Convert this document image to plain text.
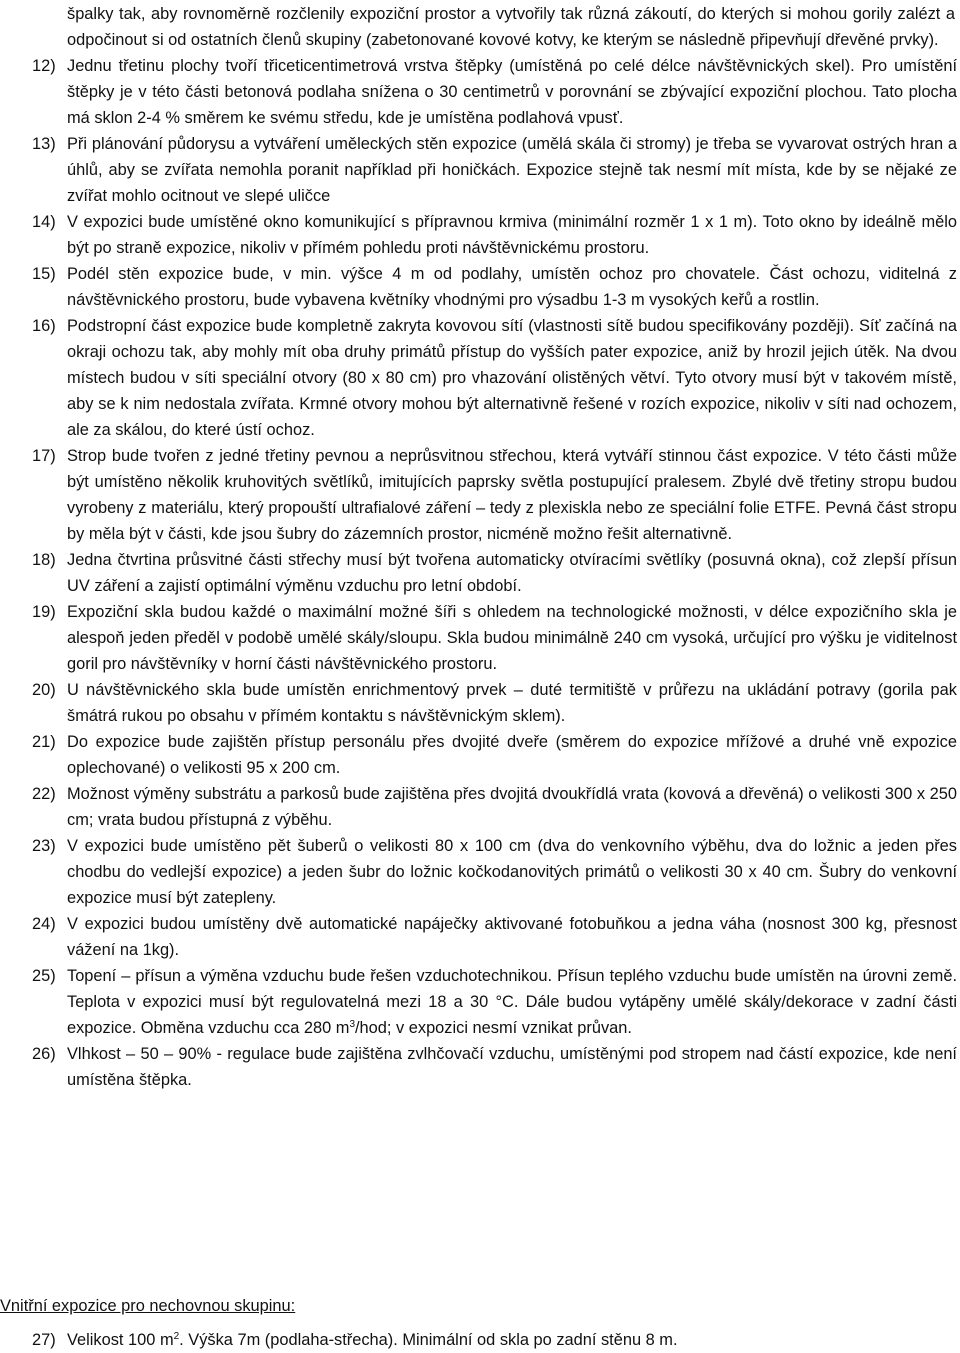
špalky tak, aby rovnoměrně rozčlenily expoziční prostor a vytvořily tak různá zákoutí, do kterých si mohou gorily zalézt a odpočinout si od ostatních členů skupiny (zabetonované kovové kotvy, ke kterým se následně připevňují dřevěné prvky).
12) Jednu třetinu plochy tvoří třiceticentimetrová vrstva štěpky (umístěná po celé délce návštěvnických skel). Pro umístění štěpky je v této části betonová podlaha snížena o 30 centimetrů v porovnání se zbývající expoziční plochou. Tato plocha má sklon 2-4 % směrem ke svému středu, kde je umístěna podlahová vpusť.
13) Při plánování půdorysu a vytváření uměleckých stěn expozice (umělá skála či stromy) je třeba se vyvarovat ostrých hran a úhlů, aby se zvířata nemohla poranit například při honičkách. Expozice stejně tak nesmí mít místa, kde by se nějaké ze zvířat mohlo ocitnout ve slepé uličce
14) V expozici bude umístěné okno komunikující s přípravnou krmiva (minimální rozměr 1 x 1 m). Toto okno by ideálně mělo být po straně expozice, nikoliv v přímém pohledu proti návštěvnickému prostoru.
15) Podél stěn expozice bude, v min. výšce 4 m od podlahy, umístěn ochoz pro chovatele. Část ochozu, viditelná z návštěvnického prostoru, bude vybavena květníky vhodnými pro výsadbu 1-3 m vysokých keřů a rostlin.
16) Podstropní část expozice bude kompletně zakryta kovovou sítí (vlastnosti sítě budou specifikovány později). Síť začíná na okraji ochozu tak, aby mohly mít oba druhy primátů přístup do vyšších pater expozice, aniž by hrozil jejich útěk. Na dvou místech budou v síti speciální otvory (80 x 80 cm) pro vhazování olistěných větví. Tyto otvory musí být v takovém místě, aby se k nim nedostala zvířata. Krmné otvory mohou být alternativně řešené v rozích expozice, nikoliv v síti nad ochozem, ale za skálou, do které ústí ochoz.
17) Strop bude tvořen z jedné třetiny pevnou a neprůsvitnou střechou, která vytváří stinnou část expozice. V této části může být umístěno několik kruhovitých světlíků, imitujících paprsky světla postupující pralesem. Zbylé dvě třetiny stropu budou vyrobeny z materiálu, který propouští ultrafialové záření – tedy z plexiskla nebo ze speciální folie ETFE. Pevná část stropu by měla být v části, kde jsou šubry do zázemních prostor, nicméně možno řešit alternativně.
18) Jedna čtvrtina průsvitné části střechy musí být tvořena automaticky otvíracími světlíky (posuvná okna), což zlepší přísun UV záření a zajistí optimální výměnu vzduchu pro letní období.
19) Expoziční skla budou každé o maximální možné šíři s ohledem na technologické možnosti, v délce expozičního skla je alespoň jeden předěl v podobě umělé skály/sloupu. Skla budou minimálně 240 cm vysoká, určující pro výšku je viditelnost goril pro návštěvníky v horní části návštěvnického prostoru.
20) U návštěvnického skla bude umístěn enrichmentový prvek – duté termitiště v průřezu na ukládání potravy (gorila pak šmátrá rukou po obsahu v přímém kontaktu s návštěvnickým sklem).
21) Do expozice bude zajištěn přístup personálu přes dvojité dveře (směrem do expozice mřížové a druhé vně expozice oplechované) o velikosti 95 x 200 cm.
22) Možnost výměny substrátu a parkosů bude zajištěna přes dvojitá dvoukřídlá vrata (kovová a dřevěná) o velikosti 300 x 250 cm; vrata budou přístupná z výběhu.
23) V expozici bude umístěno pět šuberů o velikosti 80 x 100 cm (dva do venkovního výběhu, dva do ložnic a jeden přes chodbu do vedlejší expozice) a jeden šubr do ložnic kočkodanovitých primátů o velikosti 30 x 40 cm. Šubry do venkovní expozice musí být zatepleny.
24) V expozici budou umístěny dvě automatické napáječky aktivované fotobuňkou a jedna váha (nosnost 300 kg, přesnost vážení na 1kg).
25) Topení – přísun a výměna vzduchu bude řešen vzduchotechnikou. Přísun teplého vzduchu bude umístěn na úrovni země. Teplota v expozici musí být regulovatelná mezi 18 a 30 °C. Dále budou vytápěny umělé skály/dekorace v zadní části expozice. Obměna vzduchu cca 280 $m^3$/hod; v expozici nesmí vznikat průvan.
26) Vlhkost – 50 – 90% - regulace bude zajištěna zvlhčovačí vzduchu, umístěnými pod stropem nad částí expozice, kde není umístěna štěpka.
Vnitřní expozice pro nechovnou skupinu:
27) Velikost 100 $m^2$. Výška 7m (podlaha-střecha). Minimální od skla po zadní stěnu 8 m.
